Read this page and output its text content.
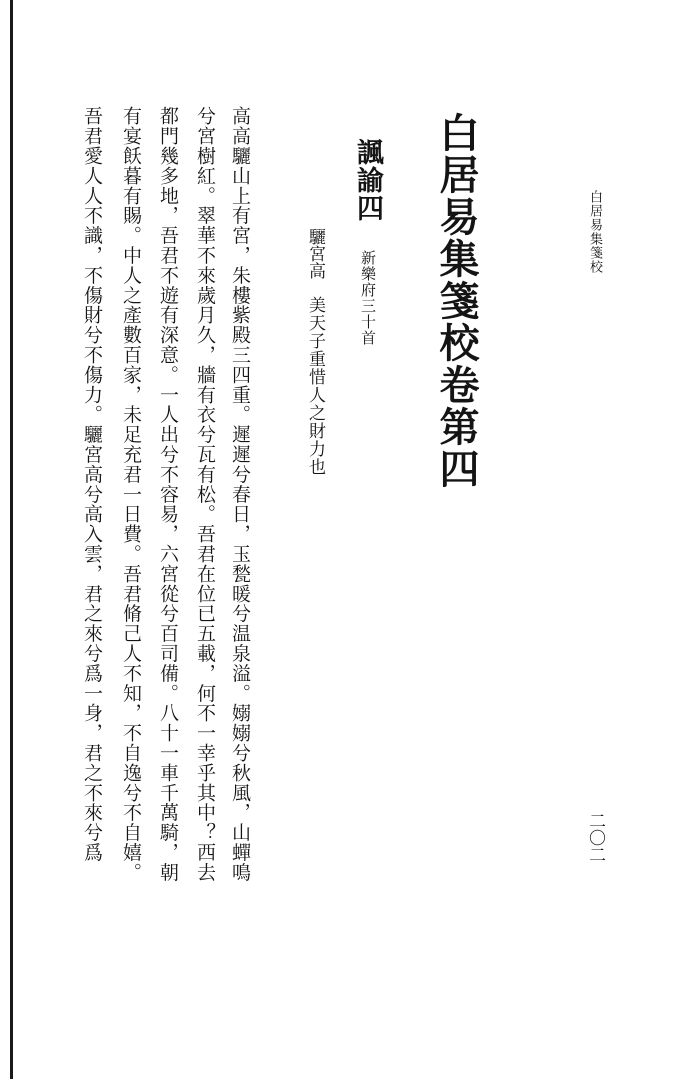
白居易集箋校
二〇二
白居易集箋校卷第四
諷諭四
新樂府三十首
驪宮高
美天子重惜人之財力也
高高驪山上有宮，朱樓紫殿三四重。遲遲兮春日，玉甃暖兮温泉溢。嫋嫋兮秋風，山蟬鳴
兮宮樹紅。翠華不來歲月久，牆有衣兮瓦有松。吾君在位已五載，何不一幸乎其中？西去
都門幾多地，吾君不遊有深意。一人出兮不容易，六宮從兮百司備。八十一車千萬騎，朝
有宴飫暮有賜。中人之產數百家，未足充君一日費。吾君脩己人不知，不自逸兮不自嬉。
吾君愛人人不識，不傷財兮不傷力。驪宮高兮高入雲，君之來兮爲一身，君之不來兮爲
